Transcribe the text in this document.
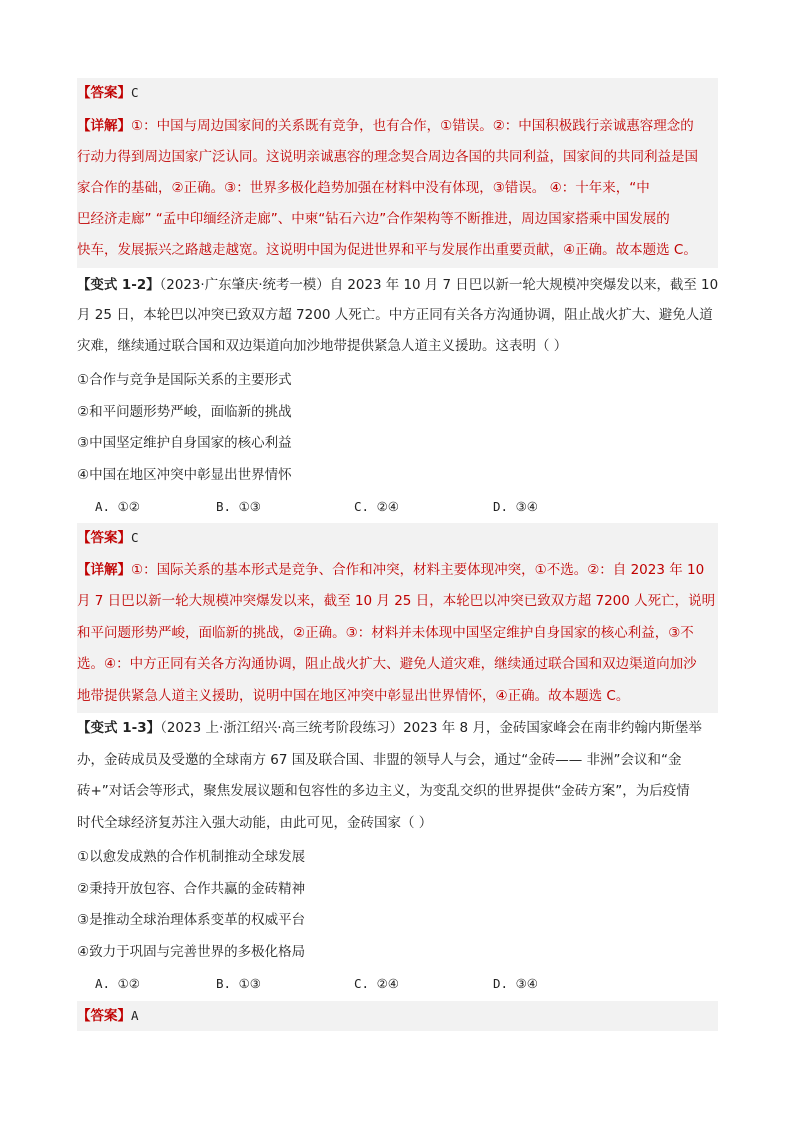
【答案】C
【详解】①：中国与周边国家间的关系既有竞争，也有合作，①错误。②：中国积极践行亲诚惠容理念的
行动力得到周边国家广泛认同。这说明亲诚惠容的理念契合周边各国的共同利益，国家间的共同利益是国
家合作的基础，②正确。③：世界多极化趋势加强在材料中没有体现，③错误。 ④：十年来，“中
巴经济走廊” “孟中印缅经济走廊”、中柬“钻石六边”合作架构等不断推进，周边国家搭乘中国发展的
快车，发展振兴之路越走越宽。这说明中国为促进世界和平与发展作出重要贡献，④正确。故本题选 C。
【变式 1-2】（2023·广东肇庆·统考一模）自 2023 年 10 月 7 日巴以新一轮大规模冲突爆发以来，截至 10
月 25 日，本轮巴以冲突已致双方超 7200 人死亡。中方正同有关各方沟通协调，阻止战火扩大、避免人道
灾难，继续通过联合国和双边渠道向加沙地带提供紧急人道主义援助。这表明（ ）
①合作与竞争是国际关系的主要形式
②和平问题形势严峻，面临新的挑战
③中国坚定维护自身国家的核心利益
④中国在地区冲突中彰显出世界情怀
A. ①②	B. ①③	C. ②④	D. ③④
【答案】C
【详解】①：国际关系的基本形式是竞争、合作和冲突，材料主要体现冲突，①不选。②：自 2023 年 10
月 7 日巴以新一轮大规模冲突爆发以来，截至 10 月 25 日，本轮巴以冲突已致双方超 7200 人死亡，说明
和平问题形势严峻，面临新的挑战，②正确。③：材料并未体现中国坚定维护自身国家的核心利益，③不
选。④：中方正同有关各方沟通协调，阻止战火扩大、避免人道灾难，继续通过联合国和双边渠道向加沙
地带提供紧急人道主义援助，说明中国在地区冲突中彰显出世界情怀，④正确。故本题选 C。
【变式 1-3】（2023 上·浙江绍兴·高三统考阶段练习）2023 年 8 月，金砖国家峰会在南非约翰内斯堡举
办，金砖成员及受邀的全球南方 67 国及联合国、非盟的领导人与会，通过“金砖—— 非洲”会议和“金
砖+”对话会等形式，聚焦发展议题和包容性的多边主义，为变乱交织的世界提供“金砖方案”，为后疫情
时代全球经济复苏注入强大动能，由此可见，金砖国家（ ）
①以愈发成熟的合作机制推动全球发展
②秉持开放包容、合作共赢的金砖精神
③是推动全球治理体系变革的权威平台
④致力于巩固与完善世界的多极化格局
A. ①②	B. ①③	C. ②④	D. ③④
【答案】A
